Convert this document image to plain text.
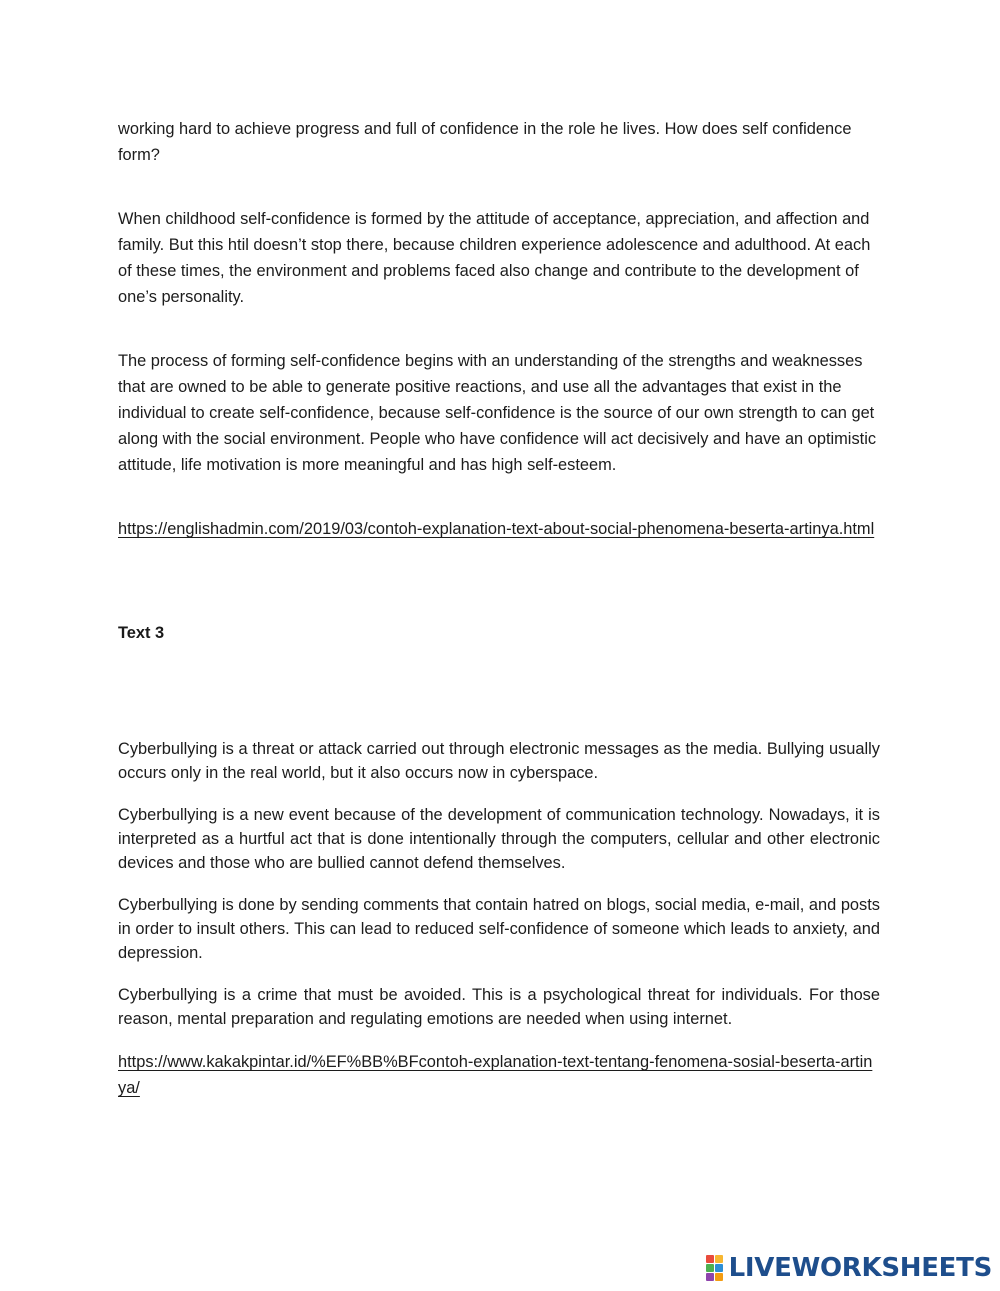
working hard to achieve progress and full of confidence in the role he lives. How does self confidence form?

When childhood self-confidence is formed by the attitude of acceptance, appreciation, and affection and family. But this htil doesn’t stop there, because children experience adolescence and adulthood. At each of these times, the environment and problems faced also change and contribute to the development of one’s personality.

The process of forming self-confidence begins with an understanding of the strengths and weaknesses that are owned to be able to generate positive reactions, and use all the advantages that exist in the individual to create self-confidence, because self-confidence is the source of our own strength to can get along with the social environment. People who have confidence will act decisively and have an optimistic attitude, life motivation is more meaningful and has high self-esteem.

https://englishadmin.com/2019/03/contoh-explanation-text-about-social-phenomena-beserta-artinya.html

Text 3

Cyberbullying is a threat or attack carried out through electronic messages as the media. Bullying usually occurs only in the real world, but it also occurs now in cyberspace.

Cyberbullying is a new event because of the development of communication technology. Nowadays, it is interpreted as a hurtful act that is done intentionally through the computers, cellular and other electronic devices and those who are bullied cannot defend themselves.

Cyberbullying is done by sending comments that contain hatred on blogs, social media, e-mail, and posts in order to insult others. This can lead to reduced self-confidence of someone which leads to anxiety, and depression.

Cyberbullying is a crime that must be avoided. This is a psychological threat for individuals. For those reason, mental preparation and regulating emotions are needed when using internet.

https://www.kakakpintar.id/%EF%BB%BFcontoh-explanation-text-tentang-fenomena-sosial-beserta-artinya/

LIVEWORKSHEETS
